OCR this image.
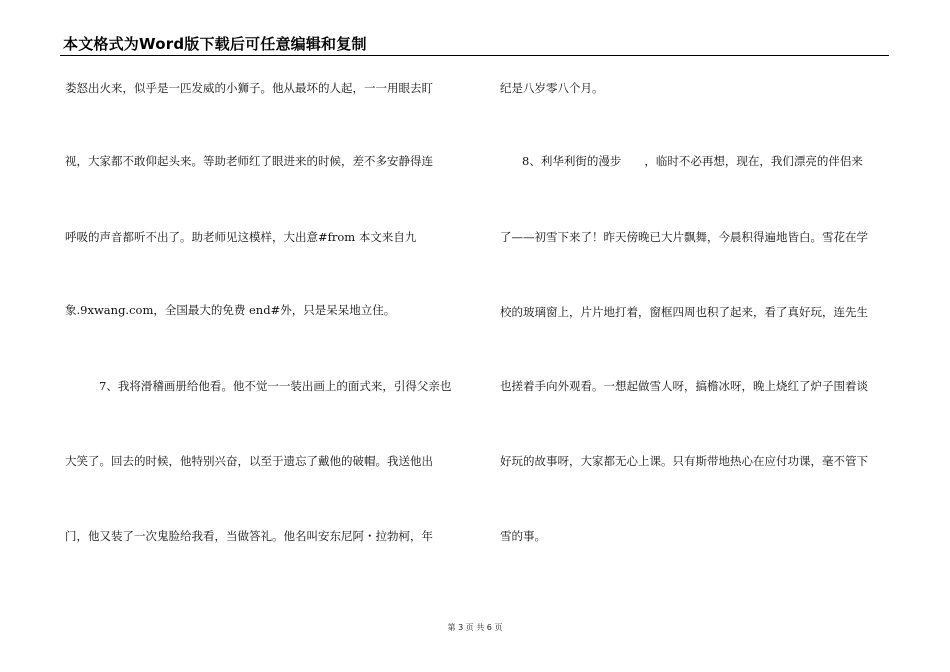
本文格式为Word版下载后可任意编辑和复制
娄怒出火来，似乎是一匹发威的小狮子。他从最坏的人起，一一用眼去盯
视，大家都不敢仰起头来。等助老师红了眼进来的时候，差不多安静得连
呼吸的声音都听不出了。助老师见这模样，大出意#from 本文来自九
象.9xwang.com，全国最大的免费 end#外，只是呆呆地立住。
7、我将滑稽画册给他看。他不觉一一装出画上的面式来，引得父亲也
大笑了。回去的时候，他特别兴奋，以至于遗忘了戴他的破帽。我送他出
门，他又装了一次鬼脸给我看，当做答礼。他名叫安东尼阿・拉勃柯，年
纪是八岁零八个月。
8、利华利街的漫步　　，临时不必再想，现在，我们漂亮的伴侣来
了——初雪下来了！昨天傍晚已大片飘舞，今晨积得遍地皆白。雪花在学
校的玻璃窗上，片片地打着，窗框四周也积了起来，看了真好玩，连先生
也搓着手向外观看。一想起做雪人呀，搞檐冰呀，晚上烧红了炉子围着谈
好玩的故事呀，大家都无心上课。只有斯带地热心在应付功课，毫不管下
雪的事。
第 3 页 共 6 页
